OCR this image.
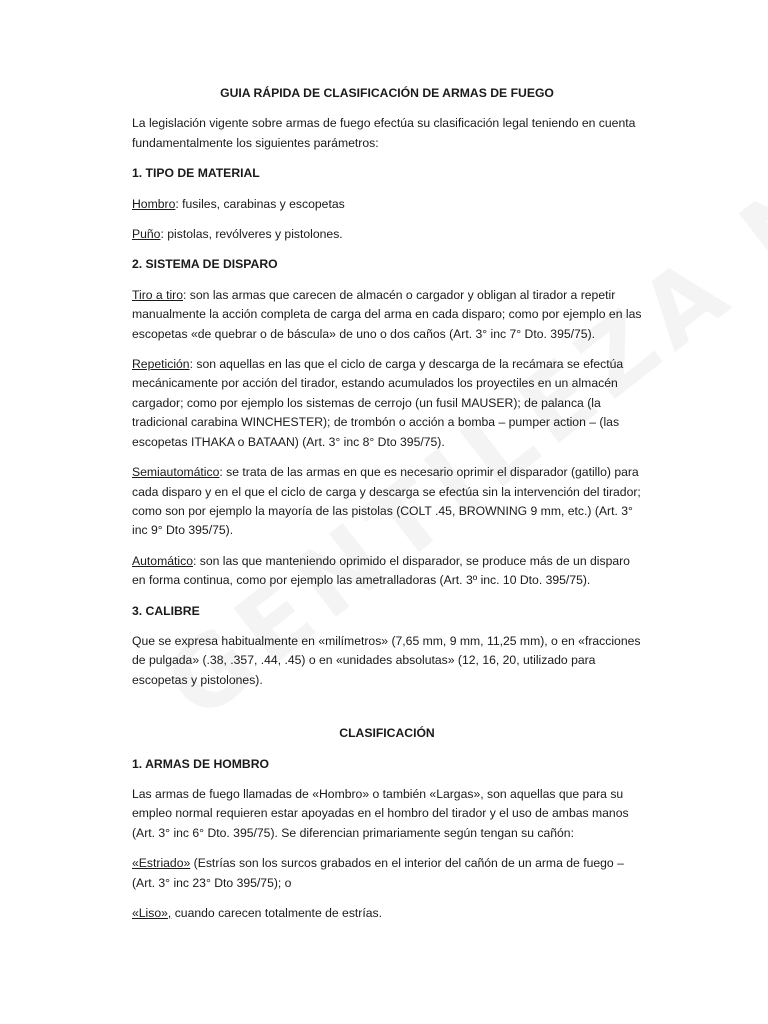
GUIA RÁPIDA DE CLASIFICACIÓN DE ARMAS DE FUEGO

La legislación vigente sobre armas de fuego efectúa su clasificación legal teniendo en cuenta fundamentalmente los siguientes parámetros:

1. TIPO DE MATERIAL

Hombro: fusiles, carabinas y escopetas

Puño: pistolas, revólveres y pistolones.

2. SISTEMA DE DISPARO

Tiro a tiro: son las armas que carecen de almacén o cargador y obligan al tirador a repetir manualmente la acción completa de carga del arma en cada disparo; como por ejemplo en las escopetas «de quebrar o de báscula» de uno o dos caños (Art. 3° inc 7° Dto. 395/75).

Repetición: son aquellas en las que el ciclo de carga y descarga de la recámara se efectúa mecánicamente por acción del tirador, estando acumulados los proyectiles en un almacén cargador; como por ejemplo los sistemas de cerrojo (un fusil MAUSER); de palanca (la tradicional carabina WINCHESTER); de trombón o acción a bomba – pumper action – (las escopetas ITHAKA o BATAAN) (Art. 3° inc 8° Dto 395/75).

Semiautomático: se trata de las armas en que es necesario oprimir el disparador (gatillo) para cada disparo y en el que el ciclo de carga y descarga se efectúa sin la intervención del tirador; como son por ejemplo la mayoría de las pistolas (COLT .45, BROWNING 9 mm, etc.) (Art. 3° inc 9° Dto 395/75).

Automático: son las que manteniendo oprimido el disparador, se produce más de un disparo en forma continua, como por ejemplo las ametralladoras (Art. 3º inc. 10 Dto. 395/75).

3. CALIBRE

Que se expresa habitualmente en «milímetros» (7,65 mm, 9 mm, 11,25 mm), o en «fracciones de pulgada» (.38, .357, .44, .45) o en «unidades absolutas» (12, 16, 20, utilizado para escopetas y pistolones).

CLASIFICACIÓN

1. ARMAS DE HOMBRO

Las armas de fuego llamadas de «Hombro» o también «Largas», son aquellas que para su empleo normal requieren estar apoyadas en el hombro del tirador y el uso de ambas manos (Art. 3° inc 6° Dto. 395/75). Se diferencian primariamente según tengan su cañón:

«Estriado» (Estrías son los surcos grabados en el interior del cañón de un arma de fuego – (Art. 3° inc 23° Dto 395/75); o

«Liso», cuando carecen totalmente de estrías.
